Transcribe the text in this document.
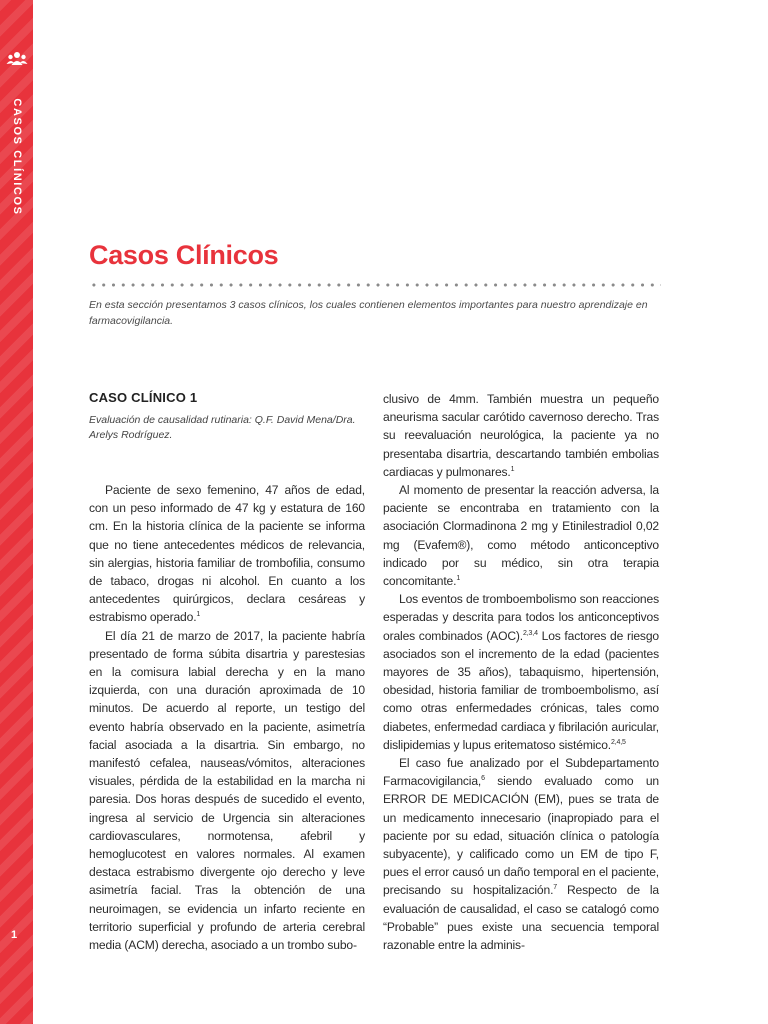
CASOS CLÍNICOS
1
Casos Clínicos

En esta sección presentamos 3 casos clínicos, los cuales contienen elementos importantes para nuestro aprendizaje en farmacovigilancia.

CASO CLÍNICO 1

Evaluación de causalidad rutinaria: Q.F. David Mena/Dra. Arelys Rodríguez.

Paciente de sexo femenino, 47 años de edad, con un peso informado de 47 kg y estatura de 160 cm. En la historia clínica de la paciente se informa que no tiene antecedentes médicos de relevancia, sin alergias, historia familiar de trombofilia, consumo de tabaco, drogas ni alcohol. En cuanto a los antecedentes quirúrgicos, declara cesáreas y estrabismo operado.$^1$

El día 21 de marzo de 2017, la paciente habría presentado de forma súbita disartria y parestesias en la comisura labial derecha y en la mano izquierda, con una duración aproximada de 10 minutos. De acuerdo al reporte, un testigo del evento habría observado en la paciente, asimetría facial asociada a la disartria. Sin embargo, no manifestó cefalea, nauseas/vómitos, alteraciones visuales, pérdida de la estabilidad en la marcha ni paresia. Dos horas después de sucedido el evento, ingresa al servicio de Urgencia sin alteraciones cardiovasculares, normotensa, afebril y hemoglucotest en valores normales. Al examen destaca estrabismo divergente ojo derecho y leve asimetría facial. Tras la obtención de una neuroimagen, se evidencia un infarto reciente en territorio superficial y profundo de arteria cerebral media (ACM) derecha, asociado a un trombo subo-

clusivo de 4mm. También muestra un pequeño aneurisma sacular carótido cavernoso derecho. Tras su reevaluación neurológica, la paciente ya no presentaba disartria, descartando también embolias cardiacas y pulmonares.$^1$

Al momento de presentar la reacción adversa, la paciente se encontraba en tratamiento con la asociación Clormadinona 2 mg y Etinilestradiol 0,02 mg (Evafem®), como método anticonceptivo indicado por su médico, sin otra terapia concomitante.$^1$

Los eventos de tromboembolismo son reacciones esperadas y descrita para todos los anticonceptivos orales combinados (AOC).$^{2,3,4}$ Los factores de riesgo asociados son el incremento de la edad (pacientes mayores de 35 años), tabaquismo, hipertensión, obesidad, historia familiar de tromboembolismo, así como otras enfermedades crónicas, tales como diabetes, enfermedad cardiaca y fibrilación auricular, dislipidemias y lupus eritematoso sistémico.$^{2,4,5}$

El caso fue analizado por el Subdepartamento Farmacovigilancia,$^6$ siendo evaluado como un ERROR DE MEDICACIÓN (EM), pues se trata de un medicamento innecesario (inapropiado para el paciente por su edad, situación clínica o patología subyacente), y calificado como un EM de tipo F, pues el error causó un daño temporal en el paciente, precisando su hospitalización.$^7$ Respecto de la evaluación de causalidad, el caso se catalogó como “Probable” pues existe una secuencia temporal razonable entre la adminis-
